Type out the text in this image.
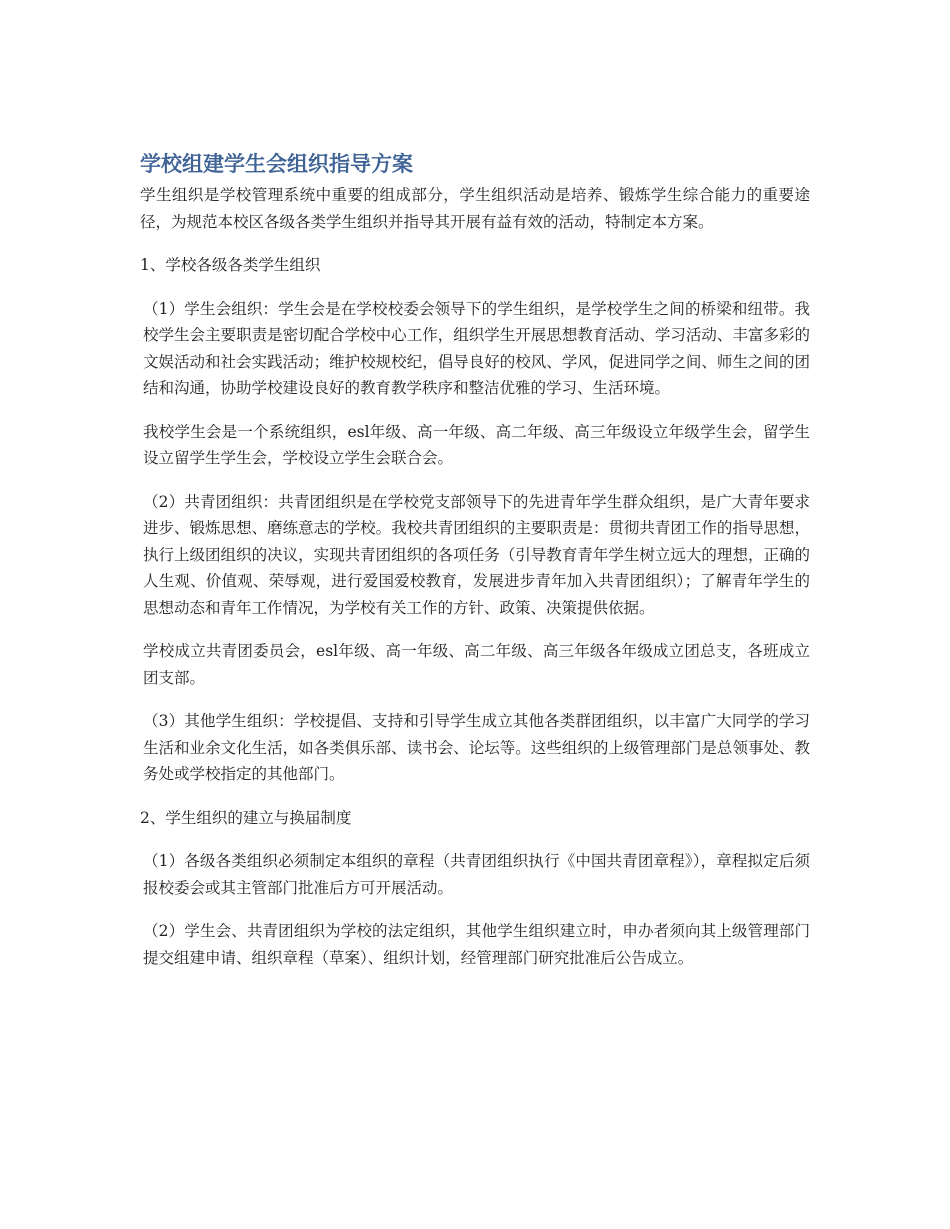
学校组建学生会组织指导方案

学生组织是学校管理系统中重要的组成部分，学生组织活动是培养、锻炼学生综合能力的重要途径，为规范本校区各级各类学生组织并指导其开展有益有效的活动，特制定本方案。

1、学校各级各类学生组织

（1）学生会组织：学生会是在学校校委会领导下的学生组织，是学校学生之间的桥梁和纽带。我校学生会主要职责是密切配合学校中心工作，组织学生开展思想教育活动、学习活动、丰富多彩的文娱活动和社会实践活动；维护校规校纪，倡导良好的校风、学风，促进同学之间、师生之间的团结和沟通，协助学校建设良好的教育教学秩序和整洁优雅的学习、生活环境。

我校学生会是一个系统组织，esl年级、高一年级、高二年级、高三年级设立年级学生会，留学生设立留学生学生会，学校设立学生会联合会。

（2）共青团组织：共青团组织是在学校党支部领导下的先进青年学生群众组织，是广大青年要求进步、锻炼思想、磨练意志的学校。我校共青团组织的主要职责是：贯彻共青团工作的指导思想，执行上级团组织的决议，实现共青团组织的各项任务（引导教育青年学生树立远大的理想，正确的人生观、价值观、荣辱观，进行爱国爱校教育，发展进步青年加入共青团组织）；了解青年学生的思想动态和青年工作情况，为学校有关工作的方针、政策、决策提供依据。

学校成立共青团委员会，esl年级、高一年级、高二年级、高三年级各年级成立团总支，各班成立团支部。

（3）其他学生组织：学校提倡、支持和引导学生成立其他各类群团组织，以丰富广大同学的学习生活和业余文化生活，如各类俱乐部、读书会、论坛等。这些组织的上级管理部门是总领事处、教务处或学校指定的其他部门。

2、学生组织的建立与换届制度

（1）各级各类组织必须制定本组织的章程（共青团组织执行《中国共青团章程》），章程拟定后须报校委会或其主管部门批准后方可开展活动。

（2）学生会、共青团组织为学校的法定组织，其他学生组织建立时，申办者须向其上级管理部门提交组建申请、组织章程（草案）、组织计划，经管理部门研究批准后公告成立。
